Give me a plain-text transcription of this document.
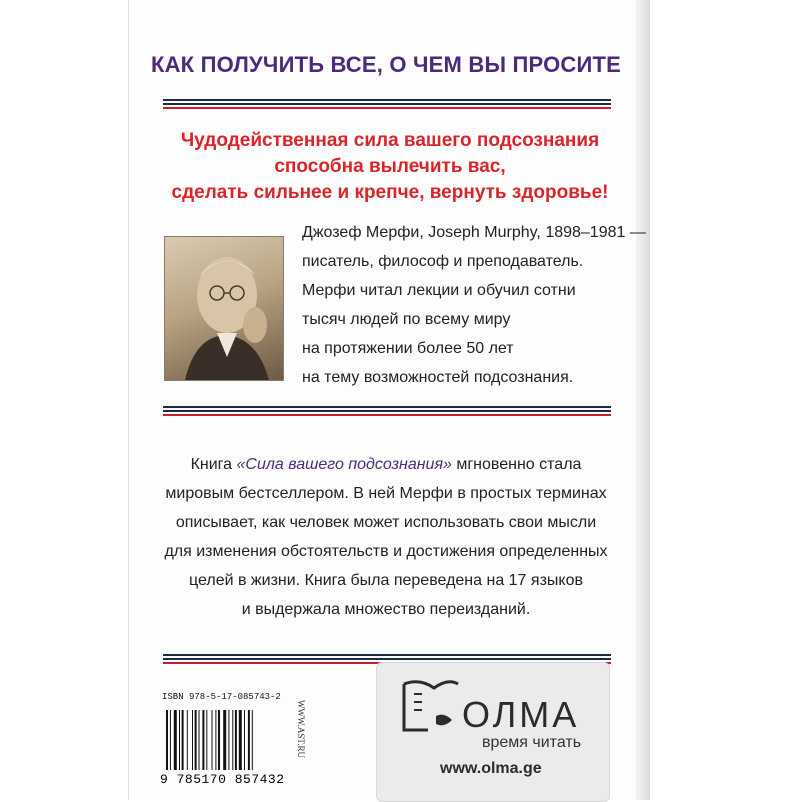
КАК ПОЛУЧИТЬ ВСЕ, О ЧЕМ ВЫ ПРОСИТЕ
Чудодейственная сила вашего подсознания
способна вылечить вас,
сделать сильнее и крепче, вернуть здоровье!
Джозеф Мерфи, Joseph Murphy, 1898–1981 —
писатель, философ и преподаватель.
Мерфи читал лекции и обучил сотни
тысяч людей по всему миру
на протяжении более 50 лет
на тему возможностей подсознания.
Книга «Сила вашего подсознания» мгновенно стала
мировым бестселлером. В ней Мерфи в простых терминах
описывает, как человек может использовать свои мысли
для изменения обстоятельств и достижения определенных
целей в жизни. Книга была переведена на 17 языков
и выдержала множество переизданий.
ISBN 978-5-17-085743-2
9 785170 857432
WWW.AST.RU	ОЛМА
время читать
www.olma.ge
